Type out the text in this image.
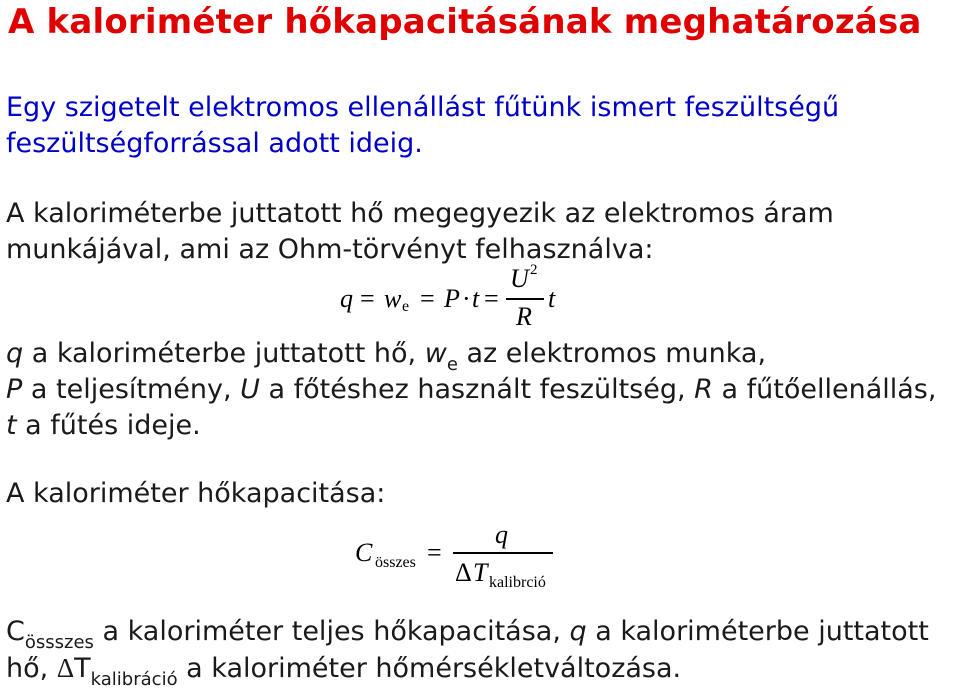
A kaloriméter hőkapacitásának meghatározása
Egy szigetelt elektromos ellenállást fűtünk ismert feszültségű
feszültségforrással adott ideig.
A kaloriméterbe juttatott hő megegyezik az elektromos áram
munkájával, ami az Ohm-törvényt felhasználva:
q = w e = P · t =
U 2
R
t
q a kaloriméterbe juttatott hő, $w_e$ az elektromos munka,
P a teljesítmény, U a főtéshez használt feszültség, R a fűtőellenállás,
t a fűtés ideje.
A kaloriméter hőkapacitása:
C összes =
q
Δ T kalibrció
$C_{össszes}$ a kaloriméter teljes hőkapacitása, q a kaloriméterbe juttatott
hő, $\Delta T_{kalibráció}$ a kaloriméter hőmérsékletváltozása.
